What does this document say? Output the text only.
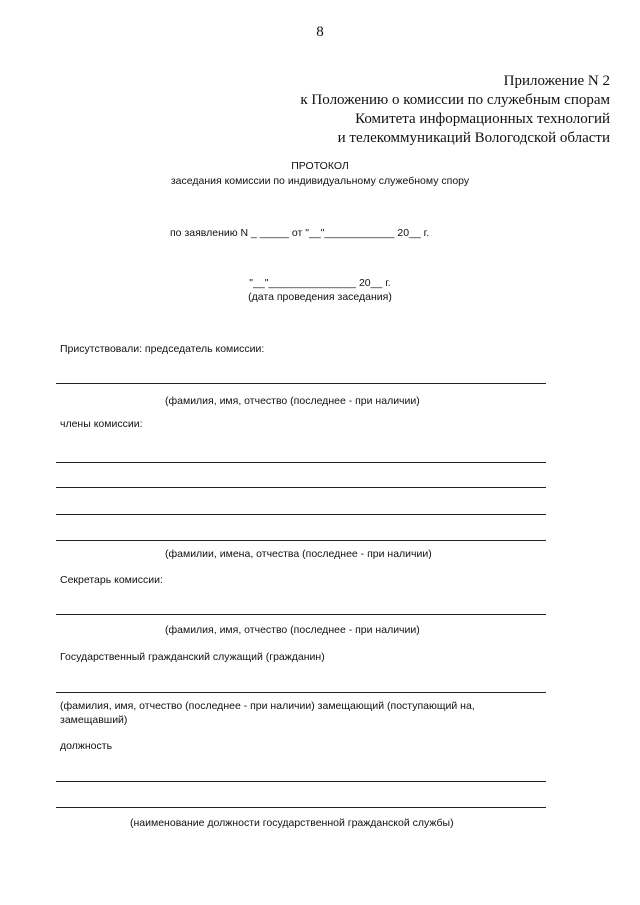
8
Приложение N 2
к Положению о комиссии по служебным спорам
Комитета информационных технологий
и телекоммуникаций Вологодской области
ПРОТОКОЛ
заседания комиссии по индивидуальному служебному спору
по заявлению N _ _____ от "__"____________ 20__ г.
"__"_______________ 20__ г.
(дата проведения заседания)
Присутствовали: председатель комиссии:
(фамилия, имя, отчество (последнее - при наличии)
члены комиссии:
(фамилии, имена, отчества (последнее - при наличии)
Секретарь комиссии:
(фамилия, имя, отчество (последнее - при наличии)
Государственный гражданский служащий (гражданин)
(фамилия, имя, отчество (последнее - при наличии) замещающий (поступающий на,
замещавший)
должность
(наименование должности государственной гражданской службы)
